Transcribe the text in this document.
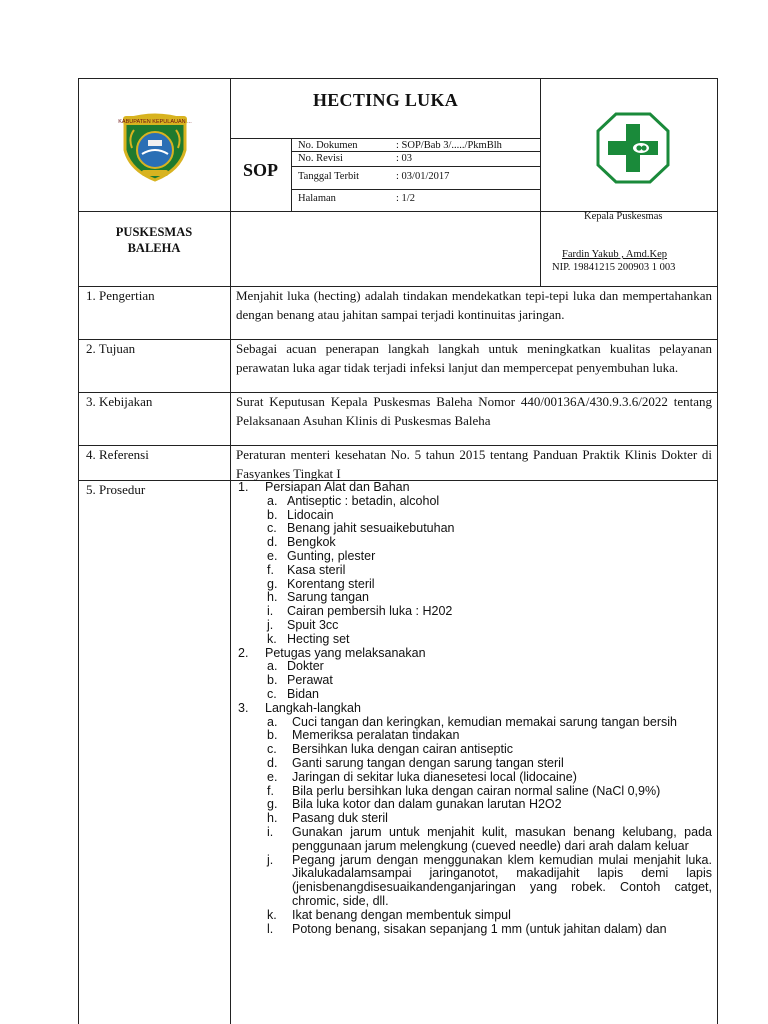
KABUPATEN KEPULAUAN ...
HECTING LUKA
SOP
No. Dokumen	: SOP/Bab 3/...../PkmBlh
No. Revisi	: 03
Tanggal Terbit	: 03/01/2017
Halaman	: 1/2
PUSKESMAS
BALEHA
Kepala Puskesmas
Fardin Yakub , Amd.Kep
NIP. 19841215 200903 1 003
1. Pengertian	Menjahit luka (hecting) adalah tindakan mendekatkan tepi-tepi luka dan mempertahankan dengan benang atau jahitan sampai terjadi kontinuitas jaringan.
2. Tujuan	Sebagai acuan penerapan langkah langkah untuk meningkatkan kualitas pelayanan perawatan luka agar tidak terjadi infeksi lanjut dan mempercepat penyembuhan luka.
3. Kebijakan	Surat Keputusan Kepala Puskesmas Baleha Nomor 440/00136A/430.9.3.6/2022 tentang Pelaksanaan Asuhan Klinis di Puskesmas Baleha
4. Referensi	Peraturan menteri kesehatan No. 5 tahun 2015 tentang Panduan Praktik Klinis Dokter di Fasyankes Tingkat I
5. Prosedur	1. Persiapan Alat dan Bahan
a. Antiseptic : betadin, alcohol
b. Lidocain
c. Benang jahit sesuaikebutuhan
d. Bengkok
e. Gunting, plester
f. Kasa steril
g. Korentang steril
h. Sarung tangan
i. Cairan pembersih luka : H202
j. Spuit 3cc
k. Hecting set
2. Petugas yang melaksanakan
a. Dokter
b. Perawat
c. Bidan
3. Langkah-langkah
a. Cuci tangan dan keringkan, kemudian memakai sarung tangan bersih
b. Memeriksa peralatan tindakan
c. Bersihkan luka dengan cairan antiseptic
d. Ganti sarung tangan dengan sarung tangan steril
e. Jaringan di sekitar luka dianesetesi local (lidocaine)
f. Bila perlu bersihkan luka dengan cairan normal saline (NaCl 0,9%)
g. Bila luka kotor dan dalam gunakan larutan H2O2
h. Pasang duk steril
i. Gunakan jarum untuk menjahit kulit, masukan benang kelubang, pada penggunaan jarum melengkung (cueved needle) dari arah dalam keluar
j. Pegang jarum dengan menggunakan klem kemudian mulai menjahit luka. Jikalukadalamsampai jaringanotot, makadijahit lapis demi lapis (jenisbenangdisesuaikandenganjaringan yang robek. Contoh catget, chromic, side, dll.
k. Ikat benang dengan membentuk simpul
l. Potong benang, sisakan sepanjang 1 mm (untuk jahitan dalam) dan
